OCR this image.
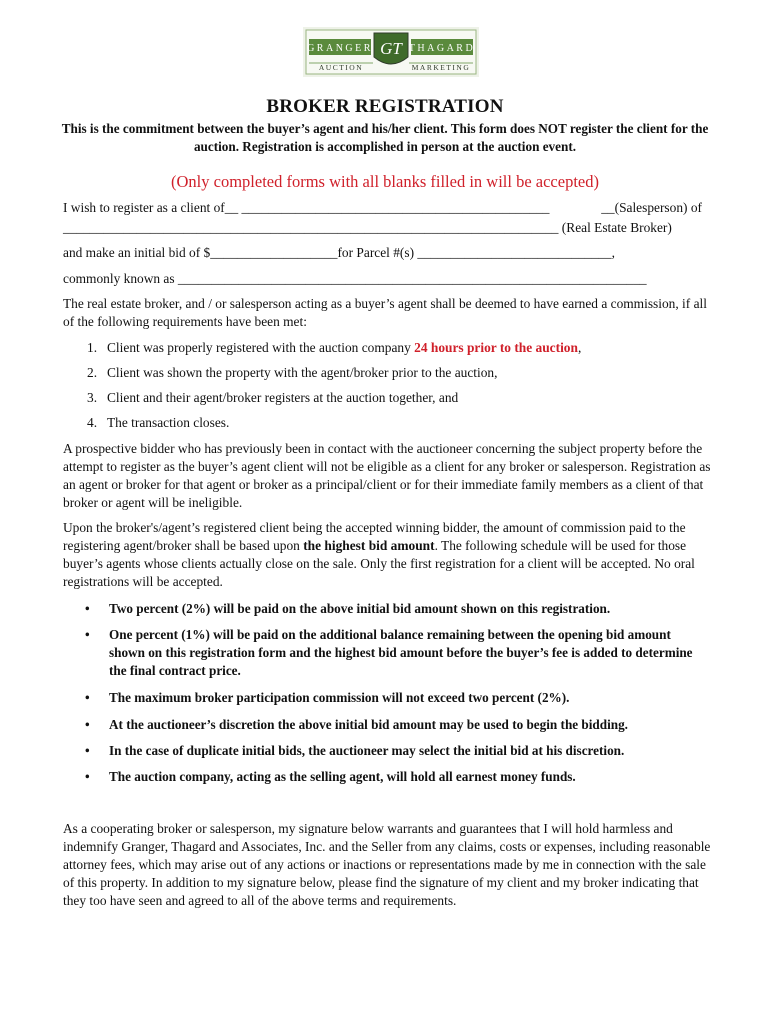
GRANGER	THAGARD
GT
AUCTION	MARKETING
BROKER REGISTRATION
This is the commitment between the buyer’s agent and his/her client. This form does NOT register the client for the auction. Registration is accomplished in person at the auction event.
(Only completed forms with all blanks filled in will be accepted)
I wish to register as a client of__ ______________________________________________	__(Salesperson) of
__________________________________________________________________________ (Real Estate Broker)
and make an initial bid of $___________________for Parcel #(s) _____________________________,
commonly known as ______________________________________________________________________
The real estate broker, and / or salesperson acting as a buyer’s agent shall be deemed to have earned a commission, if all of the following requirements have been met:
1. Client was properly registered with the auction company 24 hours prior to the auction,
2. Client was shown the property with the agent/broker prior to the auction,
3. Client and their agent/broker registers at the auction together, and
4. The transaction closes.
A prospective bidder who has previously been in contact with the auctioneer concerning the subject property before the attempt to register as the buyer’s agent client will not be eligible as a client for any broker or salesperson. Registration as an agent or broker for that agent or broker as a principal/client or for their immediate family members as a client of that broker or agent will be ineligible.
Upon the broker's/agent’s registered client being the accepted winning bidder, the amount of commission paid to the registering agent/broker shall be based upon the highest bid amount. The following schedule will be used for those buyer’s agents whose clients actually close on the sale. Only the first registration for a client will be accepted. No oral registrations will be accepted.
• Two percent (2%) will be paid on the above initial bid amount shown on this registration.
• One percent (1%) will be paid on the additional balance remaining between the opening bid amount shown on this registration form and the highest bid amount before the buyer’s fee is added to determine the final contract price.
• The maximum broker participation commission will not exceed two percent (2%).
• At the auctioneer’s discretion the above initial bid amount may be used to begin the bidding.
• In the case of duplicate initial bids, the auctioneer may select the initial bid at his discretion.
• The auction company, acting as the selling agent, will hold all earnest money funds.
As a cooperating broker or salesperson, my signature below warrants and guarantees that I will hold harmless and indemnify Granger, Thagard and Associates, Inc. and the Seller from any claims, costs or expenses, including reasonable attorney fees, which may arise out of any actions or inactions or representations made by me in connection with the sale of this property. In addition to my signature below, please find the signature of my client and my broker indicating that they too have seen and agreed to all of the above terms and requirements.
